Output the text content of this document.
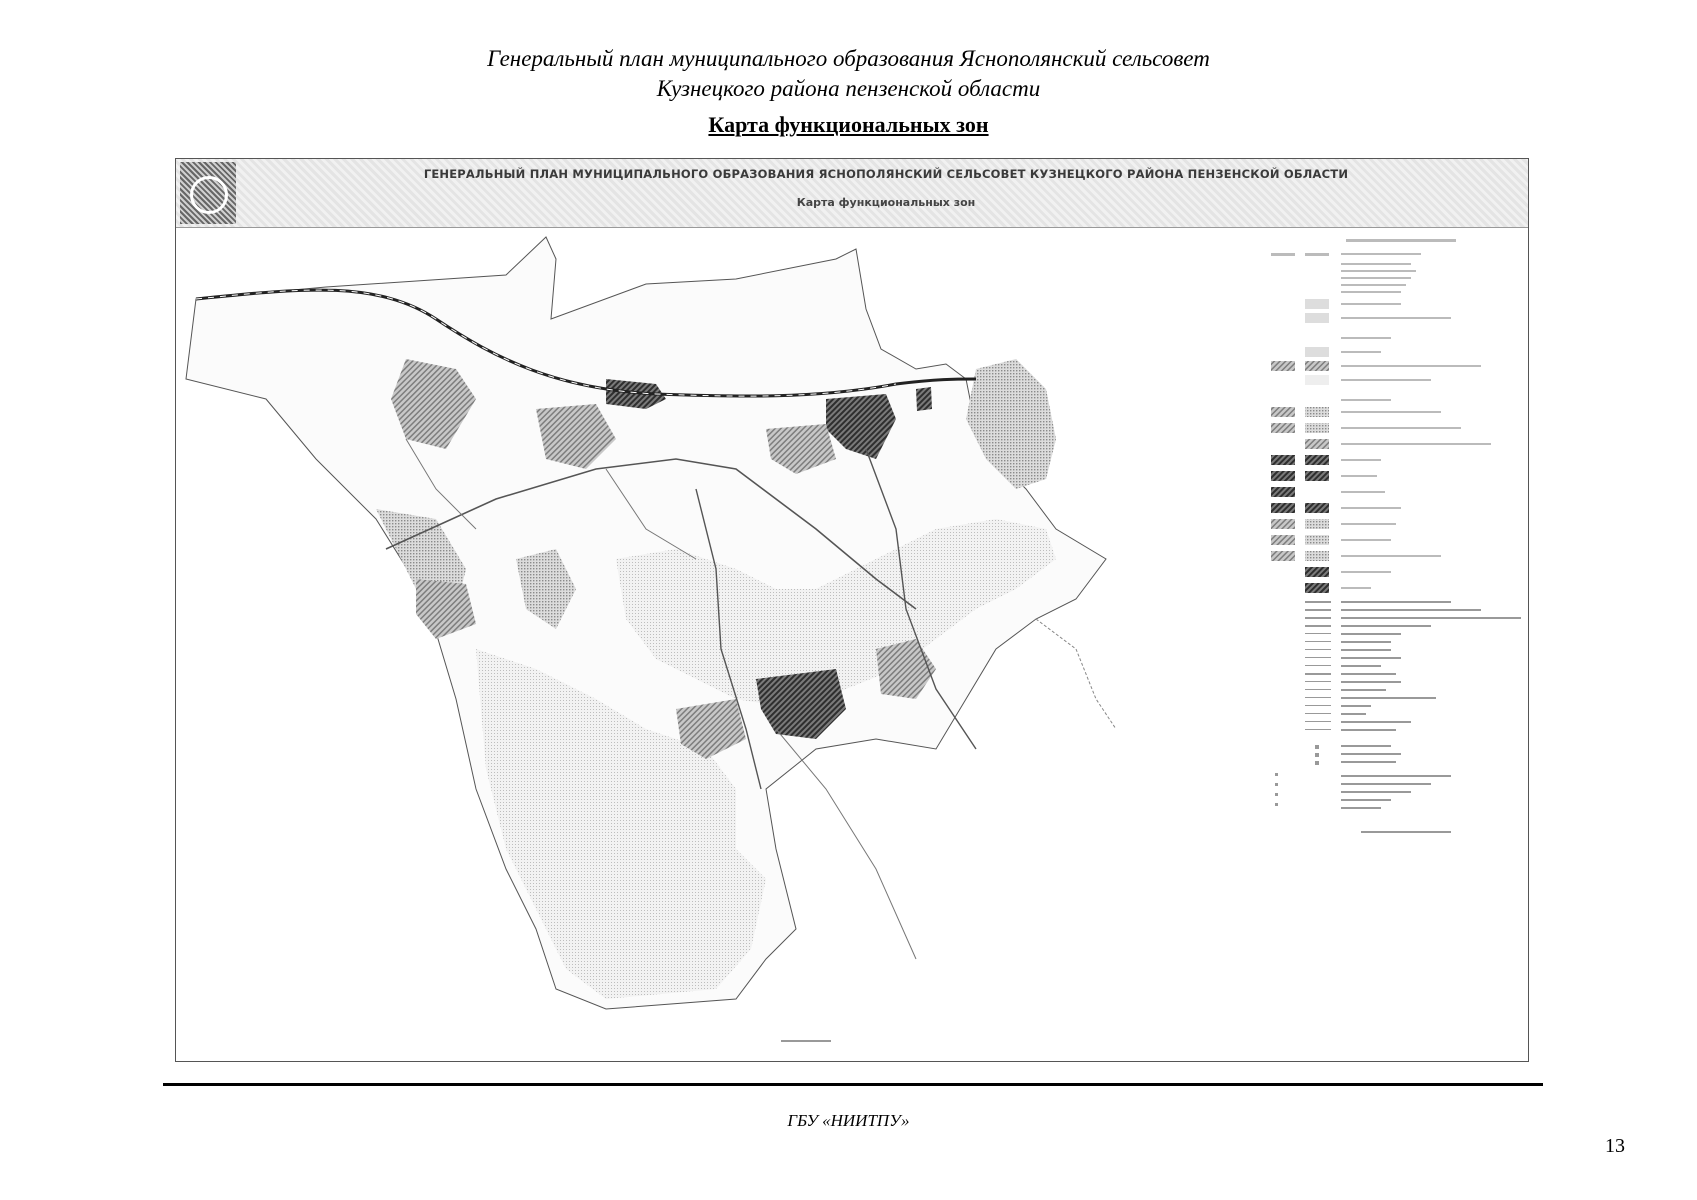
Генеральный план муниципального образования Яснополянский сельсовет
Кузнецкого района пензенской области
Карта функциональных зон
ГЕНЕРАЛЬНЫЙ ПЛАН МУНИЦИПАЛЬНОГО ОБРАЗОВАНИЯ ЯСНОПОЛЯНСКИЙ СЕЛЬСОВЕТ КУЗНЕЦКОГО РАЙОНА ПЕНЗЕНСКОЙ ОБЛАСТИ
Карта функциональных зон
ГБУ «НИИТПУ»
13
